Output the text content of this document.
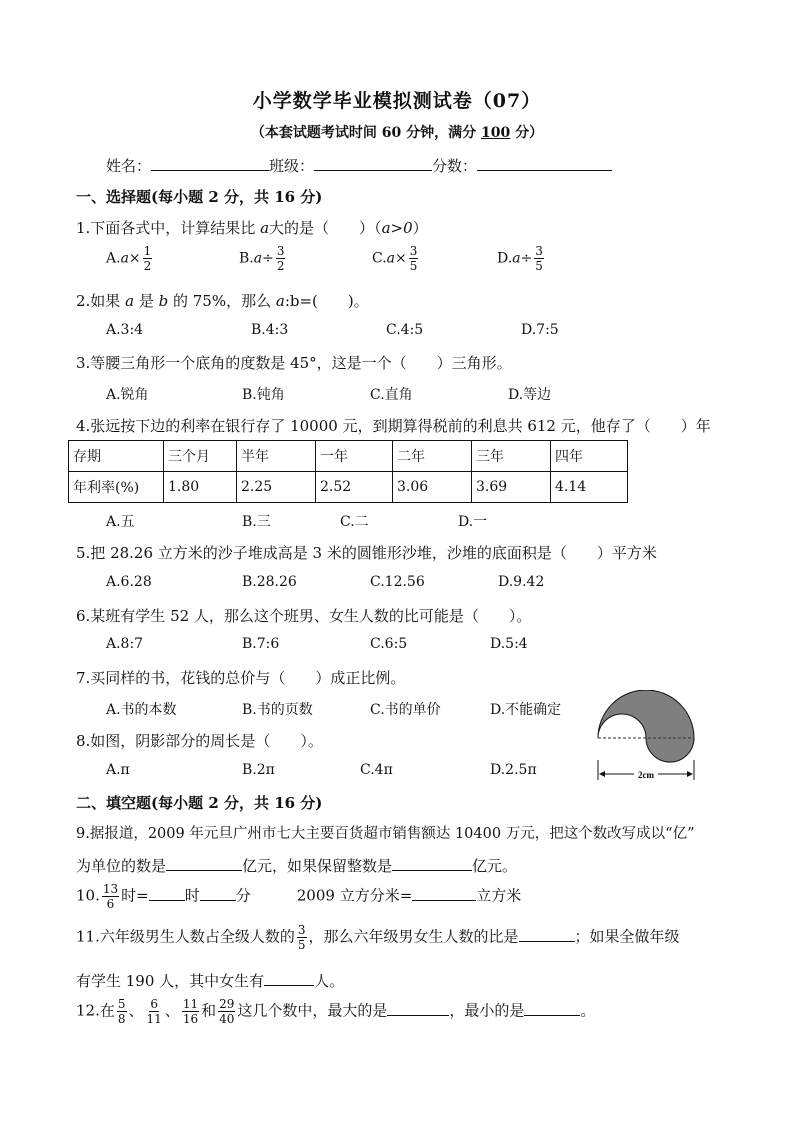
小学数学毕业模拟测试卷（07）
（本套试题考试时间 60 分钟，满分 100 分）
姓名：	班级：	分数：
一、选择题(每小题 2 分，共 16 分)
1.下面各式中，计算结果比 a大的是（　　）（a>0）
$A.a\times \frac{1}{2}$	$B.a\div \frac{3}{2}$	$C.a\times \frac{3}{5}$	$D.a\div \frac{3}{5}$
2.如果 a 是 b 的 75%，那么 a:b=(　　)。
A.3:4	B.4:3	C.4:5	D.7:5
3.等腰三角形一个底角的度数是 45°，这是一个（　　）三角形。
A.锐角	B.钝角	C.直角	D.等边
4.张远按下边的利率在银行存了 10000 元，到期算得税前的利息共 612 元，他存了（　　）年
存期	三个月	半年	一年	二年	三年	四年
年利率(%)	1.80	2.25	2.52	3.06	3.69	4.14
A.五	B.三	C.二	D.一
5.把 28.26 立方米的沙子堆成高是 3 米的圆锥形沙堆，沙堆的底面积是（　　）平方米
A.6.28	B.28.26	C.12.56	D.9.42
6.某班有学生 52 人，那么这个班男、女生人数的比可能是（　　）。
A.8:7	B.7:6	C.6:5	D.5:4
7.买同样的书，花钱的总价与（　　）成正比例。
A.书的本数	B.书的页数	C.书的单价	D.不能确定
2cm
8.如图，阴影部分的周长是（　　）。
A.π	B.2π	C.4π	D.2.5π
二、填空题(每小题 2 分，共 16 分)
9.据报道，2009 年元旦广州市七大主要百货超市销售额达 10400 万元，把这个数改写成以“亿”
为单位的数是	亿元，如果保留整数是	亿元。
10. $\frac{13}{6}$ 时= 时 分	2009 立方分米=	立方米
11.六年级男生人数占全级人数的 $\frac{3}{5}$ ，那么六年级男女生人数的比是	；如果全做年级
有学生 190 人，其中女生有	人。
12.在 $\frac{5}{8}$ 、 $\frac{6}{11}$ 、 $\frac{11}{16}$ 和 $\frac{29}{40}$ 这几个数中，最大的是	，最小的是	。
